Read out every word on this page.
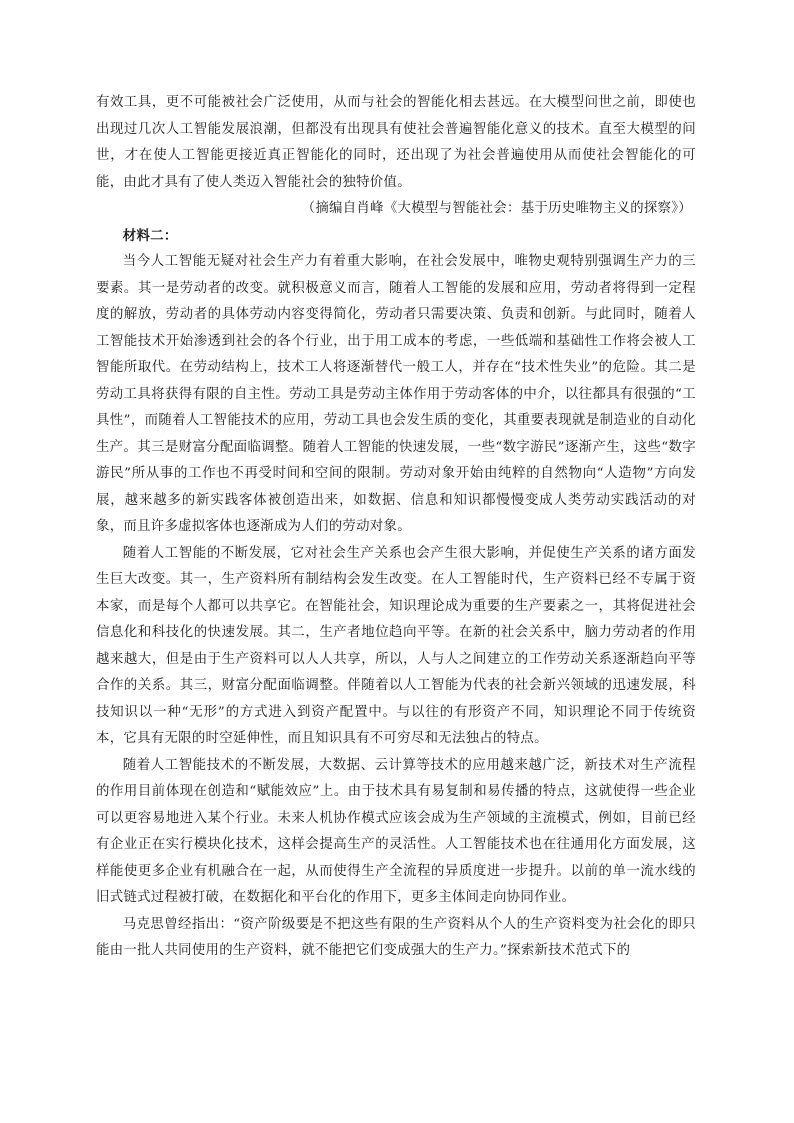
有效工具，更不可能被社会广泛使用，从而与社会的智能化相去甚远。在大模型问世之前，即使也出现过几次人工智能发展浪潮，但都没有出现具有使社会普遍智能化意义的技术。直至大模型的问世，才在使人工智能更接近真正智能化的同时，还出现了为社会普遍使用从而使社会智能化的可能，由此才具有了使人类迈入智能社会的独特价值。

（摘编自肖峰《大模型与智能社会：基于历史唯物主义的探察》）

材料二：

当今人工智能无疑对社会生产力有着重大影响，在社会发展中，唯物史观特别强调生产力的三要素。其一是劳动者的改变。就积极意义而言，随着人工智能的发展和应用，劳动者将得到一定程度的解放，劳动者的具体劳动内容变得简化，劳动者只需要决策、负责和创新。与此同时，随着人工智能技术开始渗透到社会的各个行业，出于用工成本的考虑，一些低端和基础性工作将会被人工智能所取代。在劳动结构上，技术工人将逐渐替代一般工人，并存在“技术性失业”的危险。其二是劳动工具将获得有限的自主性。劳动工具是劳动主体作用于劳动客体的中介，以往都具有很强的“工具性”，而随着人工智能技术的应用，劳动工具也会发生质的变化，其重要表现就是制造业的自动化生产。其三是财富分配面临调整。随着人工智能的快速发展，一些“数字游民”逐渐产生，这些“数字游民”所从事的工作也不再受时间和空间的限制。劳动对象开始由纯粹的自然物向“人造物”方向发展，越来越多的新实践客体被创造出来，如数据、信息和知识都慢慢变成人类劳动实践活动的对象，而且许多虚拟客体也逐渐成为人们的劳动对象。

随着人工智能的不断发展，它对社会生产关系也会产生很大影响，并促使生产关系的诸方面发生巨大改变。其一，生产资料所有制结构会发生改变。在人工智能时代，生产资料已经不专属于资本家，而是每个人都可以共享它。在智能社会，知识理论成为重要的生产要素之一，其将促进社会信息化和科技化的快速发展。其二，生产者地位趋向平等。在新的社会关系中，脑力劳动者的作用越来越大，但是由于生产资料可以人人共享，所以，人与人之间建立的工作劳动关系逐渐趋向平等合作的关系。其三，财富分配面临调整。伴随着以人工智能为代表的社会新兴领域的迅速发展，科技知识以一种“无形”的方式进入到资产配置中。与以往的有形资产不同，知识理论不同于传统资本，它具有无限的时空延伸性，而且知识具有不可穷尽和无法独占的特点。

随着人工智能技术的不断发展，大数据、云计算等技术的应用越来越广泛，新技术对生产流程的作用目前体现在创造和“赋能效应”上。由于技术具有易复制和易传播的特点，这就使得一些企业可以更容易地进入某个行业。未来人机协作模式应该会成为生产领域的主流模式，例如，目前已经有企业正在实行模块化技术，这样会提高生产的灵活性。人工智能技术也在往通用化方面发展，这样能使更多企业有机融合在一起，从而使得生产全流程的异质度进一步提升。以前的单一流水线的旧式链式过程被打破，在数据化和平台化的作用下，更多主体间走向协同作业。

马克思曾经指出：“资产阶级要是不把这些有限的生产资料从个人的生产资料变为社会化的即只能由一批人共同使用的生产资料，就不能把它们变成强大的生产力。”探索新技术范式下的
